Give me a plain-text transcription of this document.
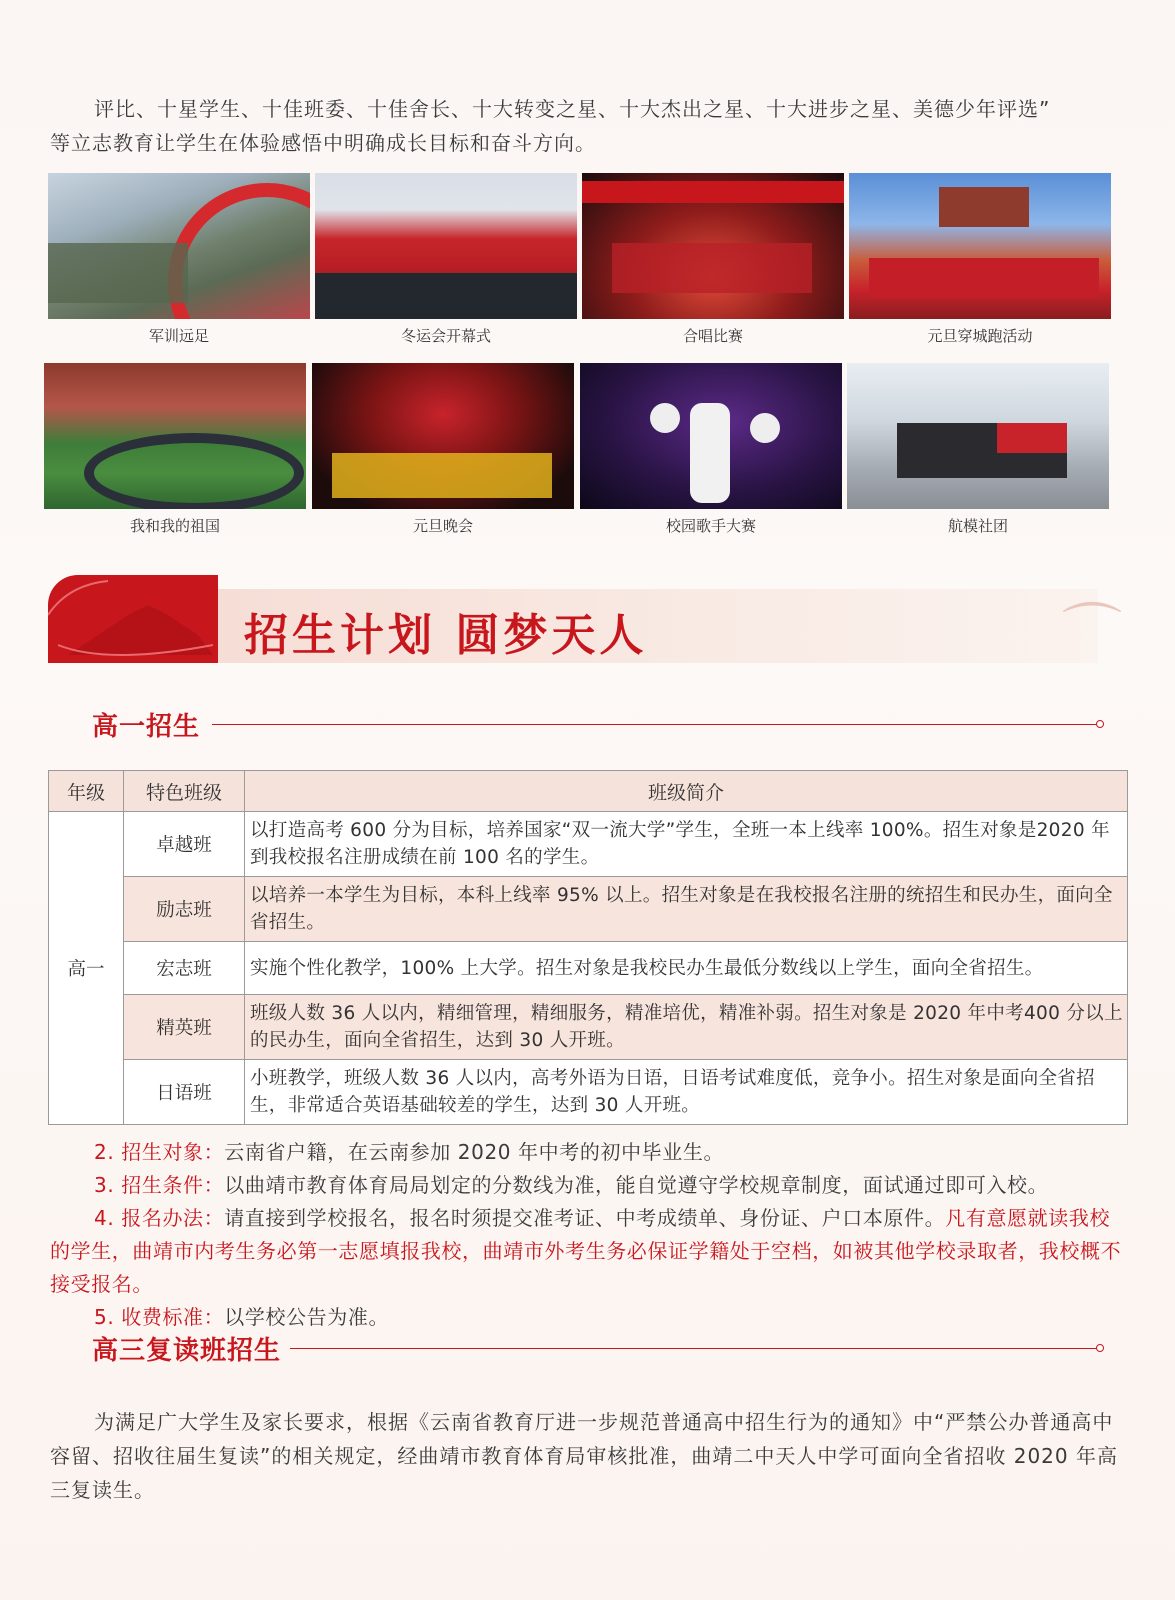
评比、十星学生、十佳班委、十佳舍长、十大转变之星、十大杰出之星、十大进步之星、美德少年评选”

等立志教育让学生在体验感悟中明确成长目标和奋斗方向。

军训远足	冬运会开幕式	合唱比赛	元旦穿城跑活动
我和我的祖国	元旦晚会	校园歌手大赛	航模社团
招生计划 圆梦天人	⌒
高一招生
年级	特色班级	班级简介
高一	卓越班	以打造高考 600 分为目标，培养国家“双一流大学”学生，全班一本上线率 100%。招生对象是2020 年到我校报名注册成绩在前 100 名的学生。
	励志班	以培养一本学生为目标，本科上线率 95% 以上。招生对象是在我校报名注册的统招生和民办生，面向全省招生。
	宏志班	实施个性化教学，100% 上大学。招生对象是我校民办生最低分数线以上学生，面向全省招生。
	精英班	班级人数 36 人以内，精细管理，精细服务，精准培优，精准补弱。招生对象是 2020 年中考400 分以上的民办生，面向全省招生，达到 30 人开班。
	日语班	小班教学，班级人数 36 人以内，高考外语为日语，日语考试难度低，竞争小。招生对象是面向全省招生，非常适合英语基础较差的学生，达到 30 人开班。

2. 招生对象：云南省户籍，在云南参加 2020 年中考的初中毕业生。

3. 招生条件：以曲靖市教育体育局局划定的分数线为准，能自觉遵守学校规章制度，面试通过即可入校。

4. 报名办法：请直接到学校报名，报名时须提交准考证、中考成绩单、身份证、户口本原件。凡有意愿就读我校的学生，曲靖市内考生务必第一志愿填报我校，曲靖市外考生务必保证学籍处于空档，如被其他学校录取者，我校概不接受报名。

5. 收费标准：以学校公告为准。

高三复读班招生

为满足广大学生及家长要求，根据《云南省教育厅进一步规范普通高中招生行为的通知》中“严禁公办普通高中容留、招收往届生复读”的相关规定，经曲靖市教育体育局审核批准，曲靖二中天人中学可面向全省招收 2020 年高三复读生。
